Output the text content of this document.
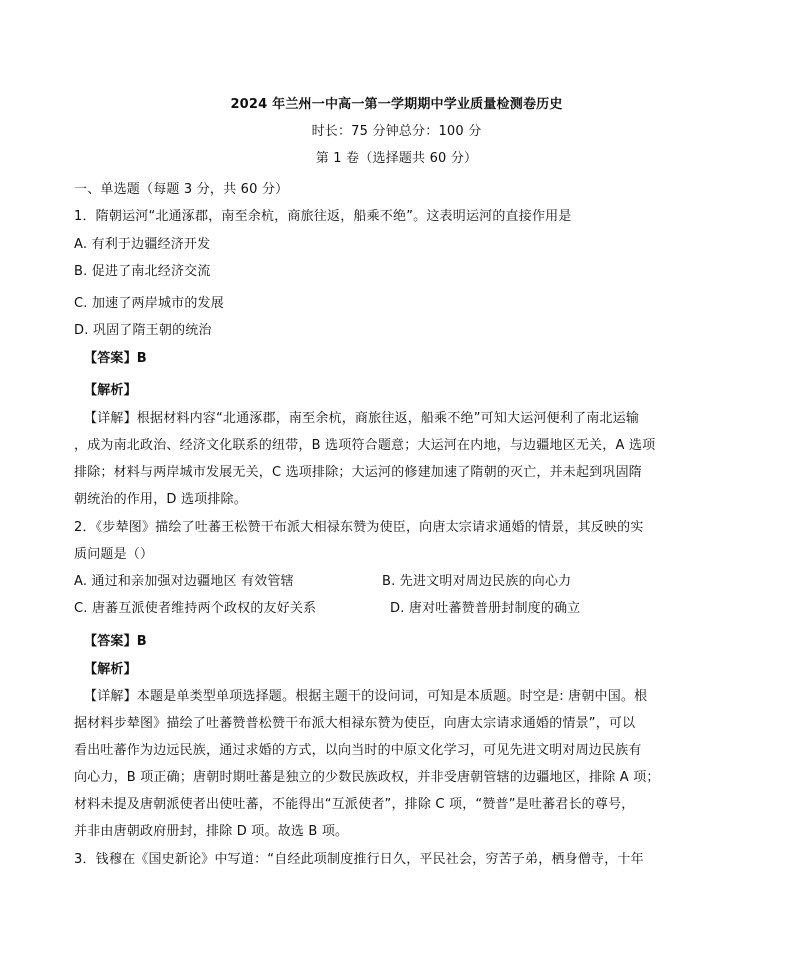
2024 年兰州一中高一第一学期期中学业质量检测卷历史
时长：75 分钟总分：100 分
第 1 卷（选择题共 60 分）
一、单选题（每题 3 分，共 60 分）
1．隋朝运河“北通涿郡，南至余杭，商旅往返，船乘不绝”。这表明运河的直接作用是
A. 有利于边疆经济开发
B. 促进了南北经济交流
C. 加速了两岸城市的发展
D. 巩固了隋王朝的统治
【答案】B
【解析】
【详解】根据材料内容“北通涿郡，南至余杭，商旅往返，船乘不绝”可知大运河便利了南北运输
，成为南北政治、经济文化联系的纽带，B 选项符合题意；大运河在内地，与边疆地区无关，A 选项
排除；材料与两岸城市发展无关，C 选项排除；大运河的修建加速了隋朝的灭亡，并未起到巩固隋
朝统治的作用，D 选项排除。
2．《步辇图》描绘了吐蕃王松赞干布派大相禄东赞为使臣，向唐太宗请求通婚的情景，其反映的实
质问题是（）
A. 通过和亲加强对边疆地区 有效管辖	B. 先进文明对周边民族的向心力
C. 唐蕃互派使者维持两个政权的友好关系	D. 唐对吐蕃赞普册封制度的确立
【答案】B
【解析】
【详解】本题是单类型单项选择题。根据主题干的设问词，可知是本质题。时空是: 唐朝中国。根
据材料步辇图》描绘了吐蕃赞普松赞干布派大相禄东赞为使臣，向唐太宗请求通婚的情景”，可以
看出吐蕃作为边远民族，通过求婚的方式，以向当时的中原文化学习，可见先进文明对周边民族有
向心力，B 项正确；唐朝时期吐蕃是独立的少数民族政权，并非受唐朝管辖的边疆地区，排除 A 项；
材料未提及唐朝派使者出使吐蕃，不能得出“互派使者”，排除 C 项，“赞普”是吐蕃君长的尊号，
并非由唐朝政府册封，排除 D 项。故选 B 项。
3．钱穆在《国史新论》中写道：“自经此项制度推行日久，平民社会，穷苦子弟，栖身僧寺，十年
